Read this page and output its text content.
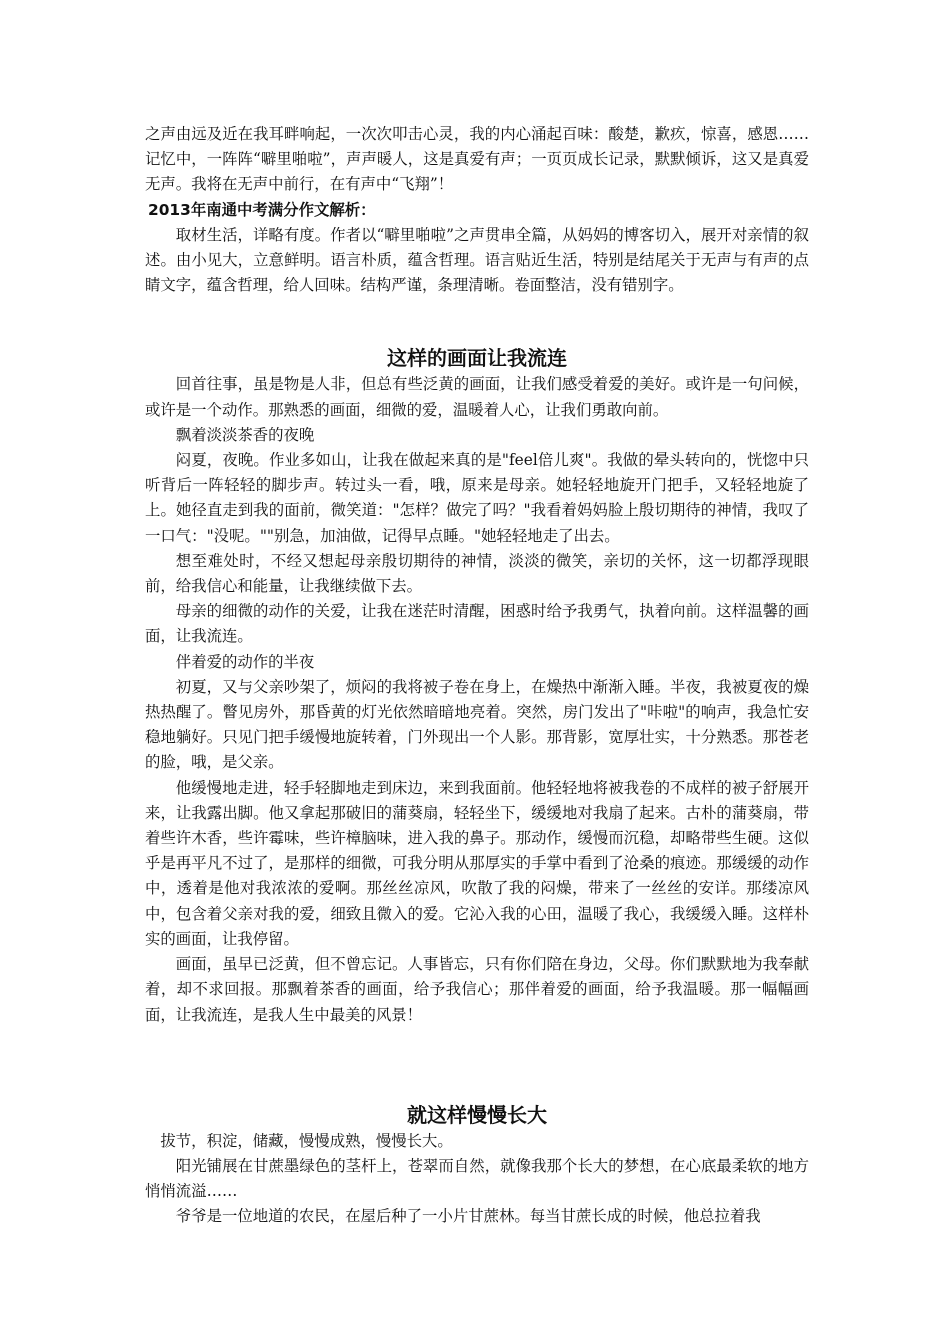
之声由远及近在我耳畔响起，一次次叩击心灵，我的内心涌起百味：酸楚，歉疚，惊喜，感恩……记忆中，一阵阵“噼里啪啦”，声声暖人，这是真爱有声；一页页成长记录，默默倾诉，这又是真爱无声。我将在无声中前行，在有声中“飞翔”！

2013年南通中考满分作文解析：

取材生活，详略有度。作者以“噼里啪啦”之声贯串全篇，从妈妈的博客切入，展开对亲情的叙述。由小见大，立意鲜明。语言朴质，蕴含哲理。语言贴近生活，特别是结尾关于无声与有声的点睛文字，蕴含哲理，给人回味。结构严谨，条理清晰。卷面整洁，没有错别字。

这样的画面让我流连

回首往事，虽是物是人非，但总有些泛黄的画面，让我们感受着爱的美好。或许是一句问候，或许是一个动作。那熟悉的画面，细微的爱，温暖着人心，让我们勇敢向前。

飘着淡淡茶香的夜晚

闷夏，夜晚。作业多如山，让我在做起来真的是"feel倍儿爽"。我做的晕头转向的，恍惚中只听背后一阵轻轻的脚步声。转过头一看，哦，原来是母亲。她轻轻地旋开门把手，又轻轻地旋了上。她径直走到我的面前，微笑道："怎样？做完了吗？"我看着妈妈脸上殷切期待的神情，我叹了一口气："没呢。""别急，加油做，记得早点睡。"她轻轻地走了出去。

想至难处时，不经又想起母亲殷切期待的神情，淡淡的微笑，亲切的关怀，这一切都浮现眼前，给我信心和能量，让我继续做下去。

母亲的细微的动作的关爱，让我在迷茫时清醒，困惑时给予我勇气，执着向前。这样温馨的画面，让我流连。

伴着爱的动作的半夜

初夏，又与父亲吵架了，烦闷的我将被子卷在身上，在燥热中渐渐入睡。半夜，我被夏夜的燥热热醒了。瞥见房外，那昏黄的灯光依然暗暗地亮着。突然，房门发出了"咔啦"的响声，我急忙安稳地躺好。只见门把手缓慢地旋转着，门外现出一个人影。那背影，宽厚壮实，十分熟悉。那苍老的脸，哦，是父亲。

他缓慢地走进，轻手轻脚地走到床边，来到我面前。他轻轻地将被我卷的不成样的被子舒展开来，让我露出脚。他又拿起那破旧的蒲葵扇，轻轻坐下，缓缓地对我扇了起来。古朴的蒲葵扇，带着些许木香，些许霉味，些许樟脑味，进入我的鼻子。那动作，缓慢而沉稳，却略带些生硬。这似乎是再平凡不过了，是那样的细微，可我分明从那厚实的手掌中看到了沧桑的痕迹。那缓缓的动作中，透着是他对我浓浓的爱啊。那丝丝凉风，吹散了我的闷燥，带来了一丝丝的安详。那缕凉风中，包含着父亲对我的爱，细致且微入的爱。它沁入我的心田，温暖了我心，我缓缓入睡。这样朴实的画面，让我停留。

画面，虽早已泛黄，但不曾忘记。人事皆忘，只有你们陪在身边，父母。你们默默地为我奉献着，却不求回报。那飘着茶香的画面，给予我信心；那伴着爱的画面，给予我温暖。那一幅幅画面，让我流连，是我人生中最美的风景！

就这样慢慢长大

拔节，积淀，储藏，慢慢成熟，慢慢长大。

阳光铺展在甘蔗墨绿色的茎杆上，苍翠而自然，就像我那个长大的梦想，在心底最柔软的地方悄悄流溢……

爷爷是一位地道的农民，在屋后种了一小片甘蔗林。每当甘蔗长成的时候，他总拉着我
